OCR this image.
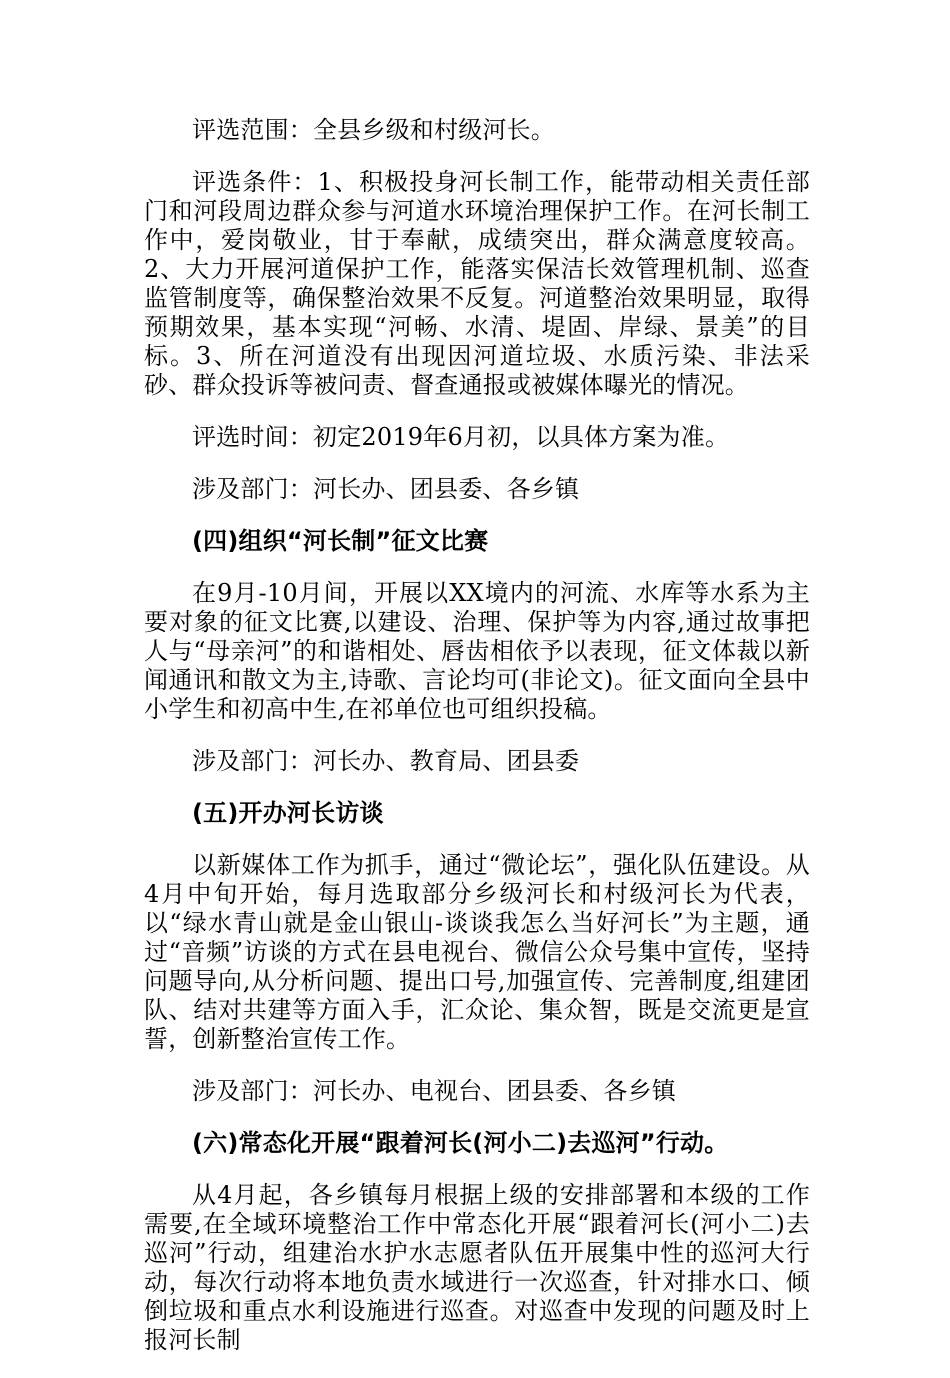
评选范围：全县乡级和村级河长。

评选条件：1、积极投身河长制工作，能带动相关责任部门和河段周边群众参与河道水环境治理保护工作。在河长制工作中，爱岗敬业，甘于奉献，成绩突出，群众满意度较高。2、大力开展河道保护工作，能落实保洁长效管理机制、巡查监管制度等，确保整治效果不反复。河道整治效果明显，取得预期效果，基本实现“河畅、水清、堤固、岸绿、景美”的目标。3、所在河道没有出现因河道垃圾、水质污染、非法采砂、群众投诉等被问责、督查通报或被媒体曝光的情况。

评选时间：初定2019年6月初，以具体方案为准。

涉及部门：河长办、团县委、各乡镇

(四)组织“河长制”征文比赛

在9月-10月间，开展以XX境内的河流、水库等水系为主要对象的征文比赛,以建设、治理、保护等为内容,通过故事把人与“母亲河”的和谐相处、唇齿相依予以表现，征文体裁以新闻通讯和散文为主,诗歌、言论均可(非论文)。征文面向全县中小学生和初高中生,在祁单位也可组织投稿。

涉及部门：河长办、教育局、团县委

(五)开办河长访谈

以新媒体工作为抓手，通过“微论坛”，强化队伍建设。从4月中旬开始，每月选取部分乡级河长和村级河长为代表，以“绿水青山就是金山银山-谈谈我怎么当好河长”为主题，通过“音频”访谈的方式在县电视台、微信公众号集中宣传，坚持问题导向,从分析问题、提出口号,加强宣传、完善制度,组建团队、结对共建等方面入手，汇众论、集众智，既是交流更是宣誓，创新整治宣传工作。

涉及部门：河长办、电视台、团县委、各乡镇

(六)常态化开展“跟着河长(河小二)去巡河”行动。

从4月起，各乡镇每月根据上级的安排部署和本级的工作需要,在全域环境整治工作中常态化开展“跟着河长(河小二)去巡河”行动，组建治水护水志愿者队伍开展集中性的巡河大行动，每次行动将本地负责水域进行一次巡查，针对排水口、倾倒垃圾和重点水利设施进行巡查。对巡查中发现的问题及时上报河长制
